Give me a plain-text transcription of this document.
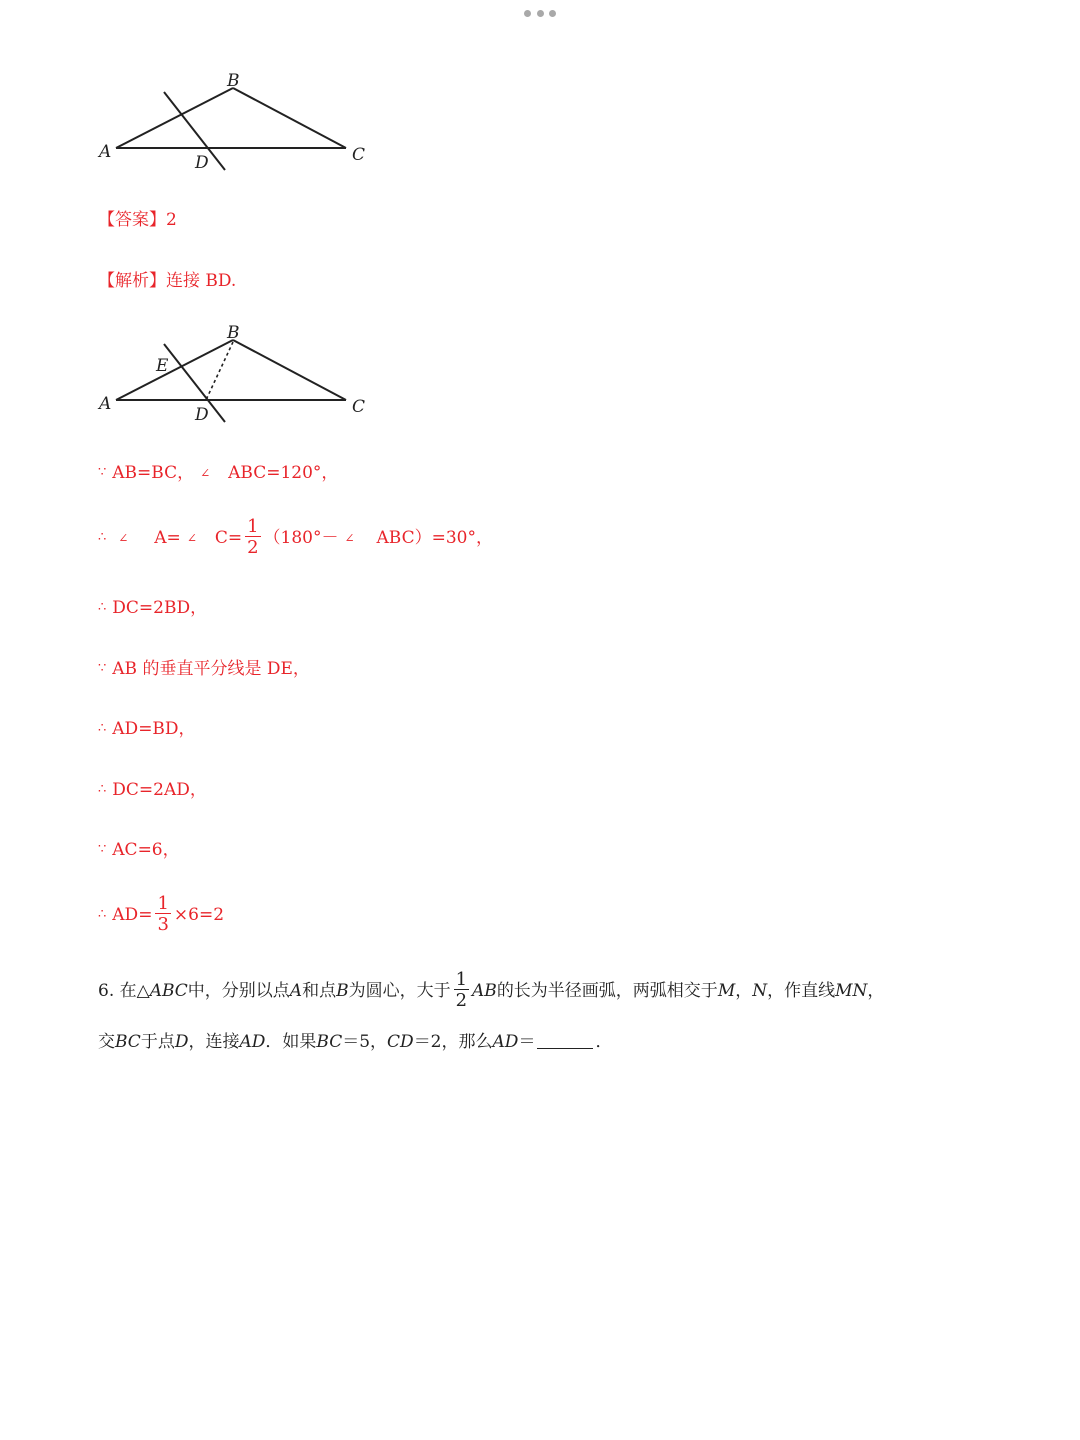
B
A	C
D
【答案】2
【解析】连接 BD.
B
A	C
D
E
∵ AB=BC， ∠ ABC=120°，
∴ ∠ A= ∠ $C= \frac{1}{2} (180^\circ-$ ∠ ABC）=30°，
∴ DC=2BD，
∵ AB 的垂直平分线是 DE，
∴ AD=BD，
∴ DC=2AD，
∵ AC=6，
∴ $AD= \frac{1}{3} \times 6=2$
6. 在△ABC中，分别以点A和点B为圆心，大于 $\frac{1}{2}$ AB的长为半径画弧，两弧相交于M，N，作直线MN，
交BC于点D，连接AD．如果BC＝5，CD＝2，那么AD＝	．
